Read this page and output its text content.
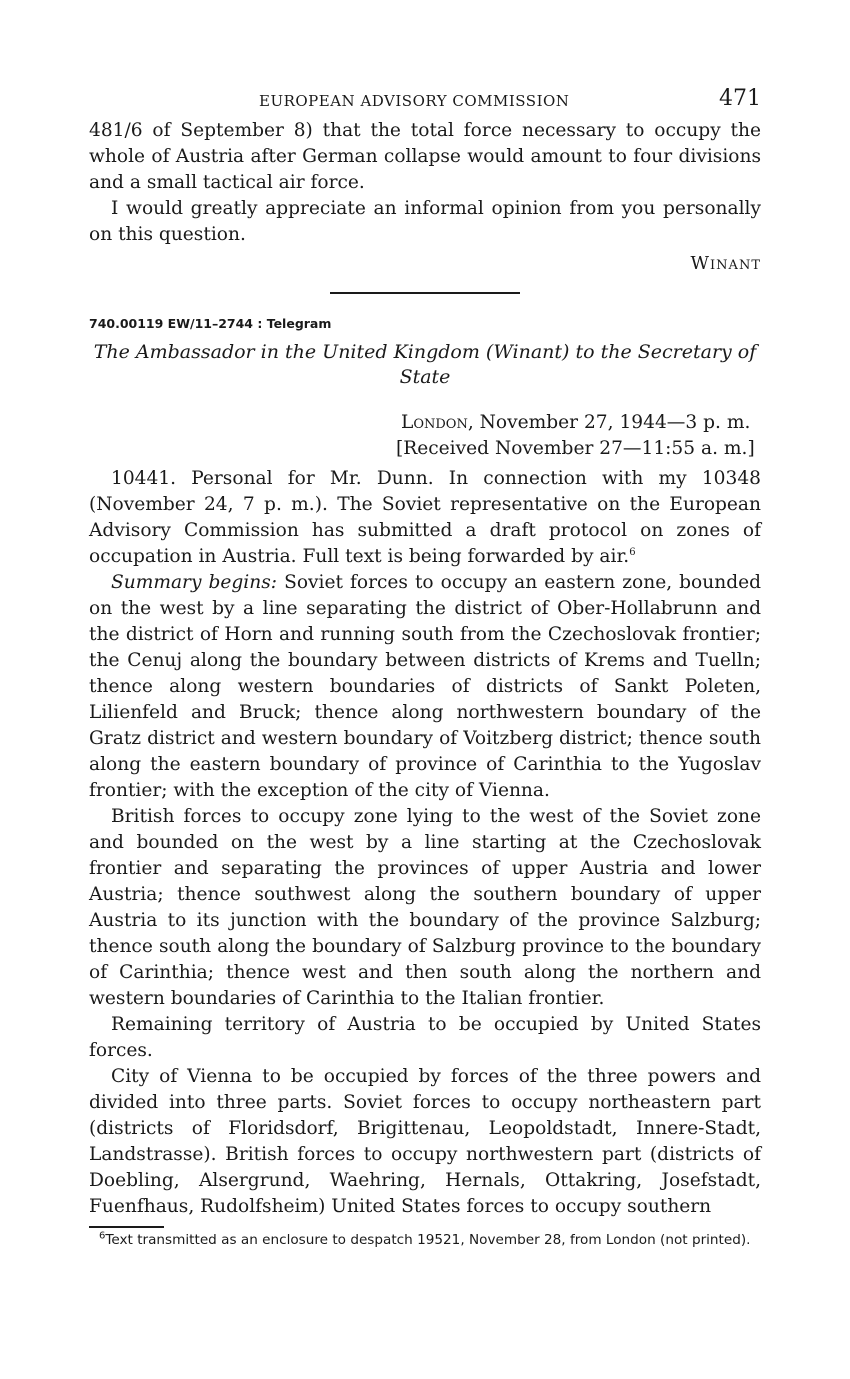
EUROPEAN ADVISORY COMMISSION	471

481/6 of September 8) that the total force necessary to occupy the whole of Austria after German collapse would amount to four divisions and a small tactical air force.

I would greatly appreciate an informal opinion from you personally on this question.

Winant
740.00119 EW/11–2744 : Telegram
The Ambassador in the United Kingdom (Winant) to the Secretary of State
London, November 27, 1944—3 p. m.
[Received November 27—11:55 a. m.]

10441. Personal for Mr. Dunn. In connection with my 10348 (November 24, 7 p. m.). The Soviet representative on the European Advisory Commission has submitted a draft protocol on zones of occupation in Austria. Full text is being forwarded by air.$^6$

Summary begins: Soviet forces to occupy an eastern zone, bounded on the west by a line separating the district of Ober-Hollabrunn and the district of Horn and running south from the Czechoslovak frontier; the Cenuj along the boundary between districts of Krems and Tuelln; thence along western boundaries of districts of Sankt Poleten, Lilienfeld and Bruck; thence along northwestern boundary of the Gratz district and western boundary of Voitzberg district; thence south along the eastern boundary of province of Carinthia to the Yugoslav frontier; with the exception of the city of Vienna.

British forces to occupy zone lying to the west of the Soviet zone and bounded on the west by a line starting at the Czechoslovak frontier and separating the provinces of upper Austria and lower Austria; thence southwest along the southern boundary of upper Austria to its junction with the boundary of the province Salzburg; thence south along the boundary of Salzburg province to the boundary of Carinthia; thence west and then south along the northern and western boundaries of Carinthia to the Italian frontier.

Remaining territory of Austria to be occupied by United States forces.

City of Vienna to be occupied by forces of the three powers and divided into three parts. Soviet forces to occupy northeastern part (districts of Floridsdorf, Brigittenau, Leopoldstadt, Innere-Stadt, Landstrasse). British forces to occupy northwestern part (districts of Doebling, Alsergrund, Waehring, Hernals, Ottakring, Josefstadt, Fuenfhaus, Rudolfsheim) United States forces to occupy southern

$^6$Text transmitted as an enclosure to despatch 19521, November 28, from London (not printed).
